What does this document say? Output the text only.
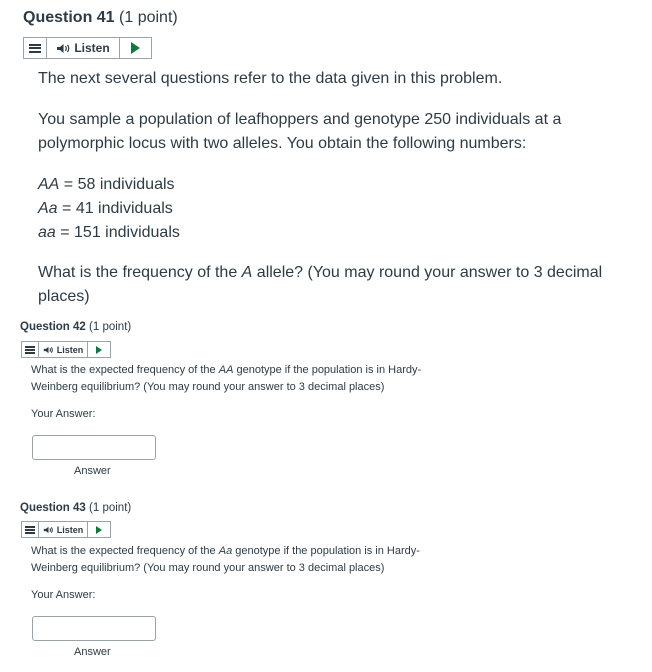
Question 41 (1 point)
Listen
The next several questions refer to the data given in this problem.
You sample a population of leafhoppers and genotype 250 individuals at a
polymorphic locus with two alleles. You obtain the following numbers:
AA = 58 individuals
Aa = 41 individuals
aa = 151 individuals
What is the frequency of the A allele? (You may round your answer to 3 decimal
places)
Question 42 (1 point)
Listen
What is the expected frequency of the AA genotype if the population is in Hardy-
Weinberg equilibrium? (You may round your answer to 3 decimal places)
Your Answer:
Answer
Question 43 (1 point)
Listen
What is the expected frequency of the Aa genotype if the population is in Hardy-
Weinberg equilibrium? (You may round your answer to 3 decimal places)
Your Answer:
Answer
